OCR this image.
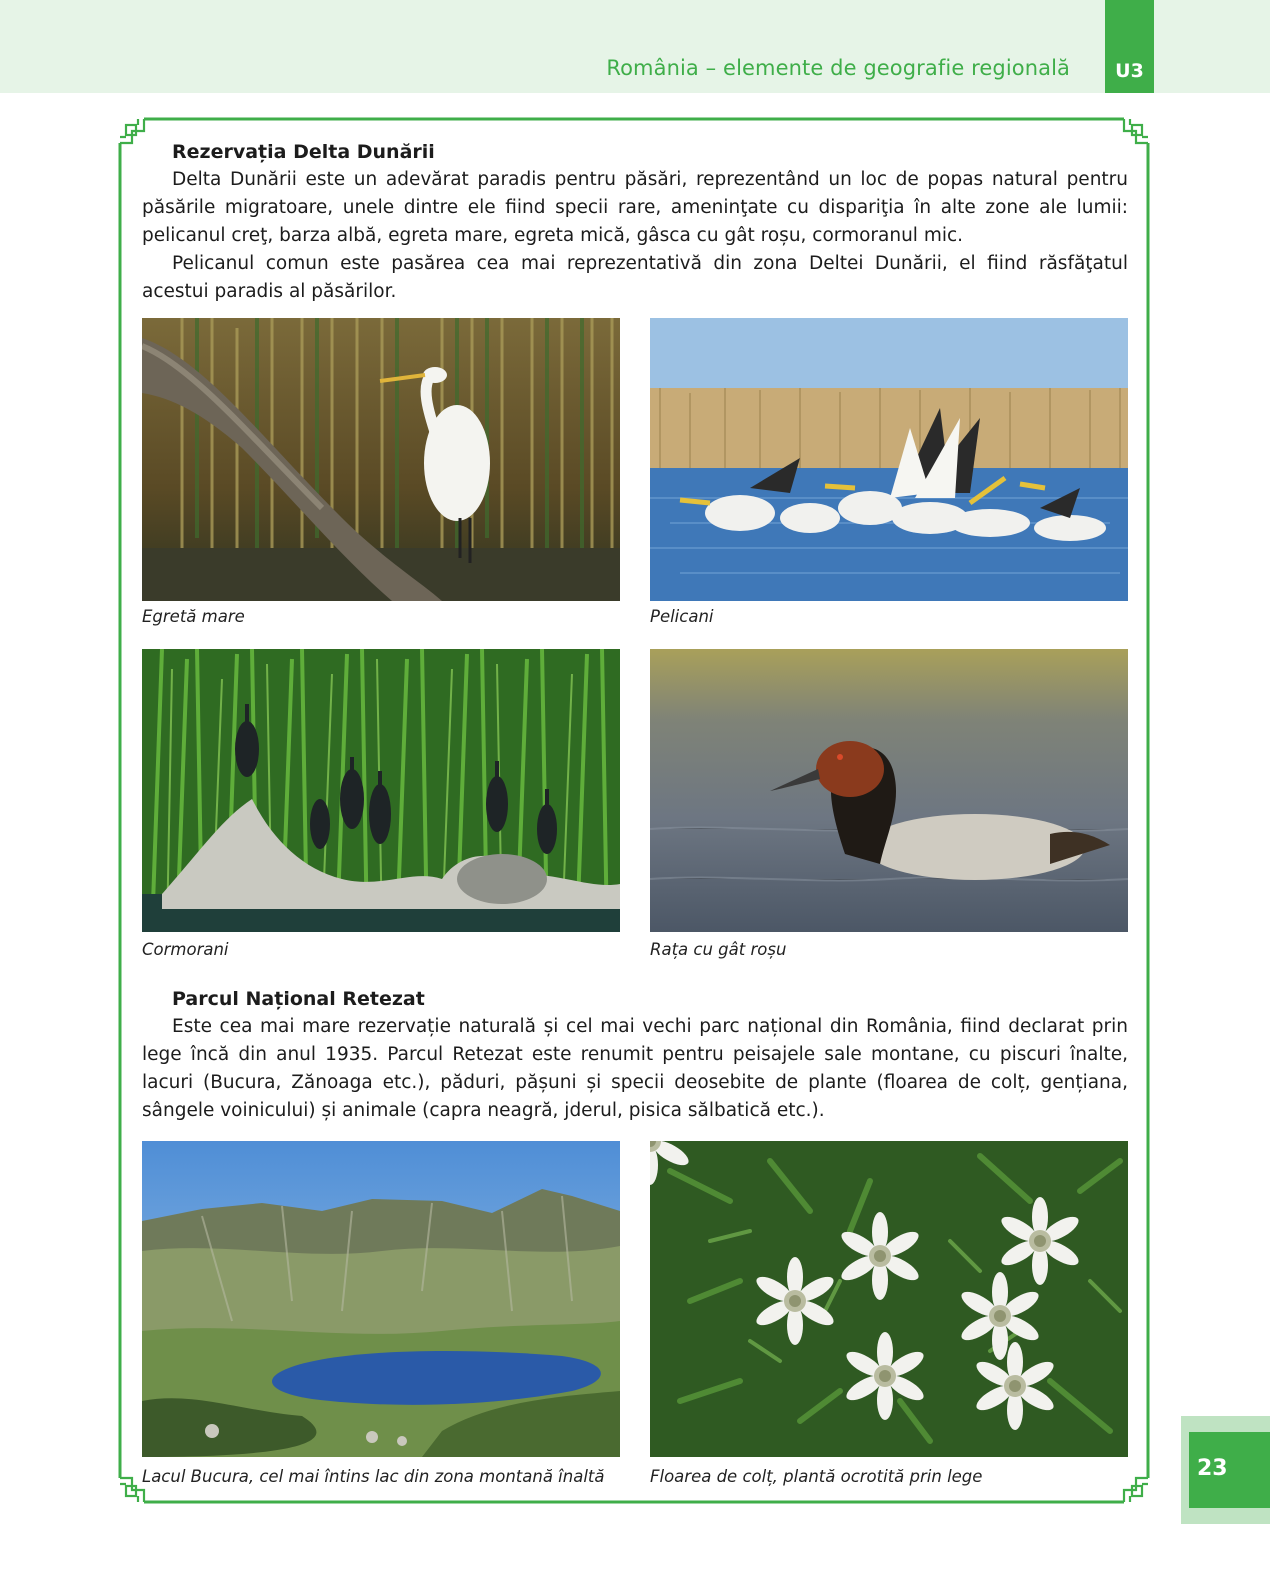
România – elemente de geografie regională	U3
Rezervația Delta Dunării

Delta Dunării este un adevărat paradis pentru păsări, reprezentând un loc de popas natural pentru păsările migratoare, unele dintre ele fiind specii rare, ameninţate cu dispariţia în alte zone ale lumii: pelicanul creţ, barza albă, egreta mare, egreta mică, gâsca cu gât roșu, cormoranul mic.

Pelicanul comun este pasărea cea mai reprezentativă din zona Deltei Dunării, el fiind răsfăţatul acestui paradis al păsărilor.

Egretă mare	Pelicani
Cormorani	Rața cu gât roșu
Parcul Național Retezat

Este cea mai mare rezervație naturală și cel mai vechi parc național din România, fiind declarat prin lege încă din anul 1935. Parcul Retezat este renumit pentru peisajele sale montane, cu piscuri înalte, lacuri (Bucura, Zănoaga etc.), păduri, pășuni și specii deosebite de plante (floarea de colț, gențiana, sângele voinicului) și animale (capra neagră, jderul, pisica sălbatică etc.).

Lacul Bucura, cel mai întins lac din zona montană înaltă	Floarea de colț, plantă ocrotită prin lege	23
